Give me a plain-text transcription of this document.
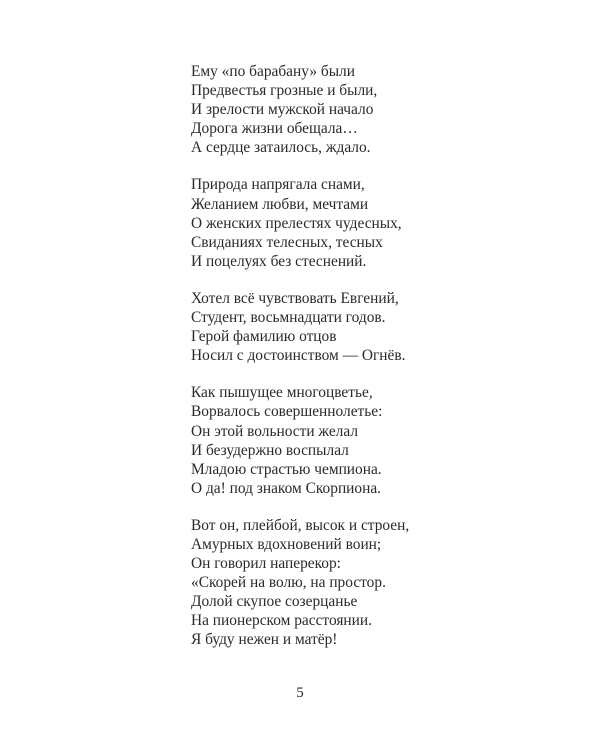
Ему «по барабану» были
Предвестья грозные и были,
И зрелости мужской начало
Дорога жизни обещала…
А сердце затаилось, ждало.
Природа напрягала снами,
Желанием любви, мечтами
О женских прелестях чудесных,
Свиданиях телесных, тесных
И поцелуях без стеснений.
Хотел всё чувствовать Евгений,
Студент, восьмнадцати годов.
Герой фамилию отцов
Носил с достоинством — Огнёв.
Как пышущее многоцветье,
Ворвалось совершеннолетье:
Он этой вольности желал
И безудержно воспылал
Младою страстью чемпиона.
О да! под знаком Скорпиона.
Вот он, плейбой, высок и строен,
Амурных вдохновений воин;
Он говорил наперекор:
«Скорей на волю, на простор.
Долой скупое созерцанье
На пионерском расстоянии.
Я буду нежен и матёр!
5
